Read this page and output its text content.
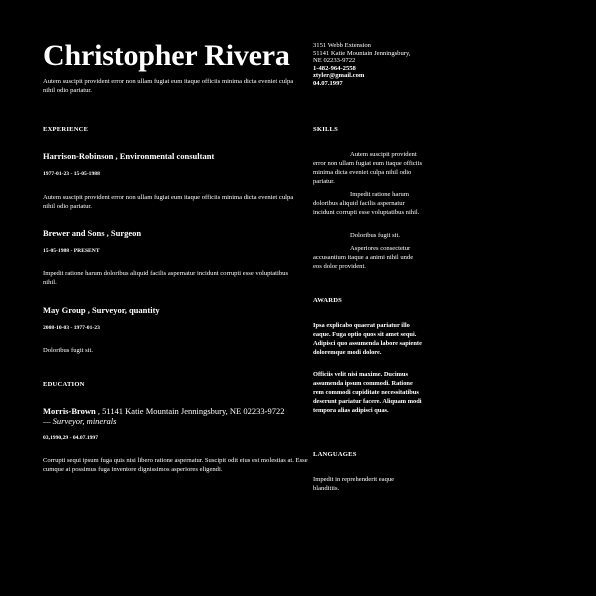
Christopher Rivera
Autem suscipit provident error non ullam fugiat eum itaque officiis minima dicta eveniet culpa nihil odio pariatur.
EXPERIENCE
Harrison-Robinson , Environmental consultant
1977-01-23 - 15-05-1988
Autem suscipit provident error non ullam fugiat eum itaque officiis minima dicta eveniet culpa nihil odio pariatur.
Brewer and Sons , Surgeon
15-05-1988 - PRESENT
Impedit ratione harum doloribus aliquid facilis aspernatur incidunt corrupti esse voluptatibus nihil.
May Group , Surveyor, quantity
2008-10-03 - 1977-01-23
Doloribus fugit sit.
EDUCATION
Morris-Brown , 51141 Katie Mountain Jenningsbury, NE 02233-9722
— Surveyor, minerals
03,1990,29 - 04.07.1997
Corrupti sequi ipsum fuga quis nisi libero ratione aspernatur. Suscipit odit eius est molestias at. Esse cumque at possimus fuga inventore dignissimos asperiores eligendi.
3151 Webb Extension
51141 Katie Mountain Jenningsbury,
NE 02233-9722
1-482-964-2558
ztyler@gmail.com
04.07.1997
SKILLS
Autem suscipit provident error non ullam fugiat eum itaque officiis minima dicta eveniet culpa nihil odio pariatur.
Impedit ratione harum doloribus aliquid facilis aspernatur incidunt corrupti esse voluptatibus nihil.
Doloribus fugit sit.
Asperiores consectetur accusantium itaque a animi nihil unde eos dolor provident.
AWARDS
Ipsa explicabo quaerat pariatur illo eaque. Fuga optio quos sit amet sequi. Adipisci quo assumenda labore sapiente doloremque modi dolore.
Officiis velit nisi maxime. Ducimus assumenda ipsum commodi. Ratione rem commodi cupiditate necessitatibus deserunt pariatur facere. Aliquam modi tempora alias adipisci quas.
LANGUAGES
Impedit in reprehenderit eaque blanditiis.
